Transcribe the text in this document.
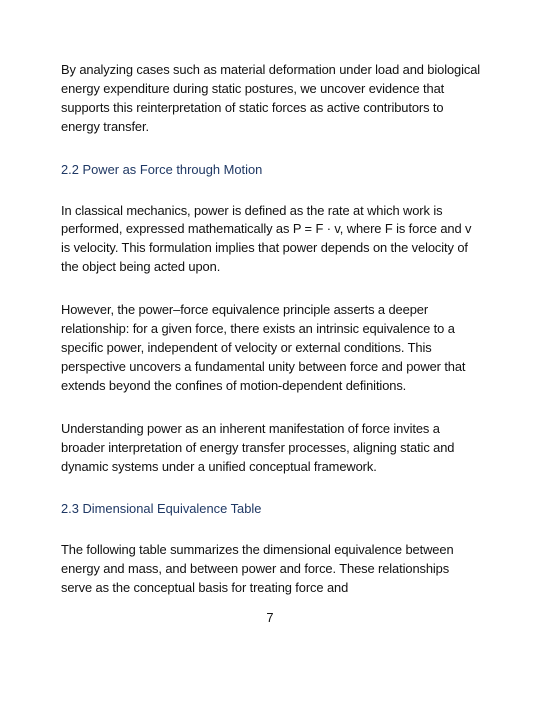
By analyzing cases such as material deformation under load and biological energy expenditure during static postures, we uncover evidence that supports this reinterpretation of static forces as active contributors to energy transfer.

2.2 Power as Force through Motion

In classical mechanics, power is defined as the rate at which work is performed, expressed mathematically as P = F · v, where F is force and v is velocity. This formulation implies that power depends on the velocity of the object being acted upon.

However, the power–force equivalence principle asserts a deeper relationship: for a given force, there exists an intrinsic equivalence to a specific power, independent of velocity or external conditions. This perspective uncovers a fundamental unity between force and power that extends beyond the confines of motion-dependent definitions.

Understanding power as an inherent manifestation of force invites a broader interpretation of energy transfer processes, aligning static and dynamic systems under a unified conceptual framework.

2.3 Dimensional Equivalence Table

The following table summarizes the dimensional equivalence between energy and mass, and between power and force. These relationships serve as the conceptual basis for treating force and

7
